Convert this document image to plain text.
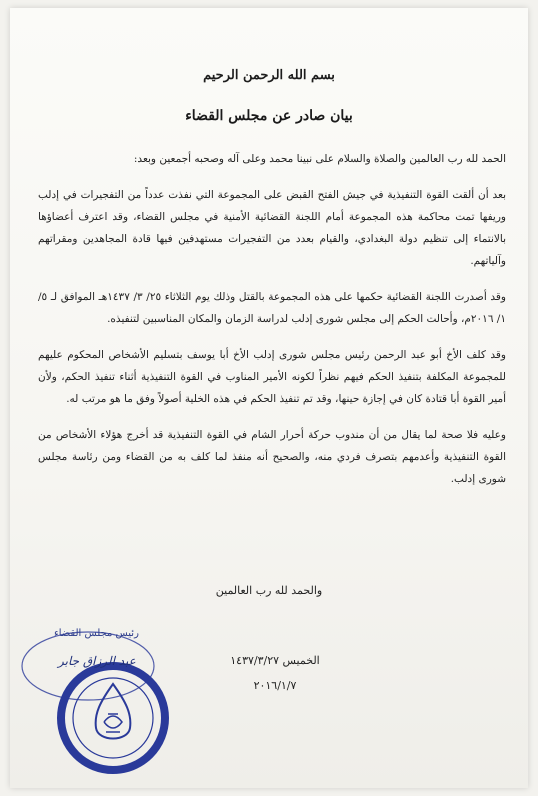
بسم الله الرحمن الرحيم
بيان صادر عن مجلس القضاء

الحمد لله رب العالمين والصلاة والسلام على نبينا محمد وعلى آله وصحبه أجمعين وبعد:

بعد أن ألقت القوة التنفيذية في جيش الفتح القبض على المجموعة التي نفذت عدداً من التفجيرات في إدلب وريفها تمت محاكمة هذه المجموعة أمام اللجنة القضائية الأمنية في مجلس القضاء، وقد اعترف أعضاؤها بالانتماء إلى تنظيم دولة البغدادي، والقيام بعدد من التفجيرات مستهدفين فيها قادة المجاهدين ومقراتهم وآلياتهم.

وقد أصدرت اللجنة القضائية حكمها على هذه المجموعة بالقتل وذلك يوم الثلاثاء ٢٥/ ٣/ ١٤٣٧هـ الموافق لـ ٥/ ١/ ٢٠١٦م، وأحالت الحكم إلى مجلس شورى إدلب لدراسة الزمان والمكان المناسبين لتنفيذه.

وقد كلف الأخ أبو عبد الرحمن رئيس مجلس شورى إدلب الأخ أبا يوسف بتسليم الأشخاص المحكوم عليهم للمجموعة المكلفة بتنفيذ الحكم فيهم نظراً لكونه الأمير المناوب في القوة التنفيذية أثناء تنفيذ الحكم، ولأن أمير القوة أبا قتادة كان في إجازة حينها، وقد تم تنفيذ الحكم في هذه الخلية أصولاً وفق ما هو مرتب له.

وعليه فلا صحة لما يقال من أن مندوب حركة أحرار الشام في القوة التنفيذية قد أخرج هؤلاء الأشخاص من القوة التنفيذية وأعدمهم بتصرف فردي منه، والصحيح أنه منفذ لما كلف به من القضاء ومن رئاسة مجلس شورى إدلب.

والحمد لله رب العالمين
رئيس مجلس القضاء
عبد الرزاق جابر	الخميس ١٤٣٧/٣/٢٧
٢٠١٦/١/٧
